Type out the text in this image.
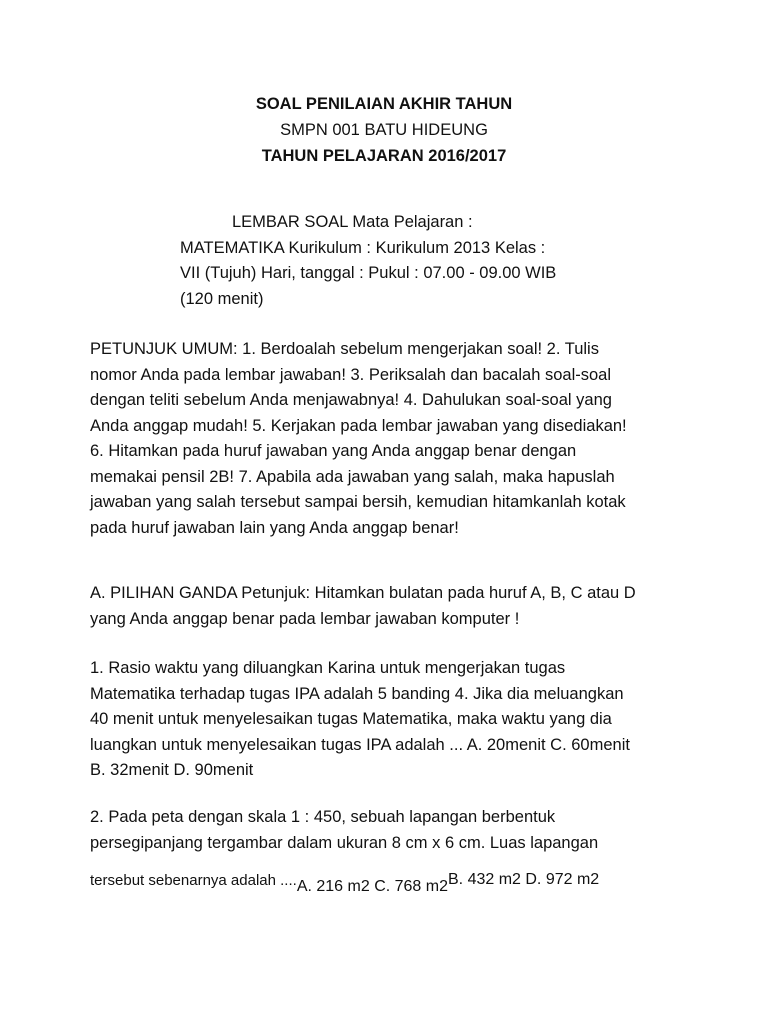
SOAL PENILAIAN AKHIR TAHUN

SMPN 001 BATU HIDEUNG

TAHUN PELAJARAN 2016/2017

LEMBAR SOAL Mata Pelajaran :
MATEMATIKA Kurikulum : Kurikulum 2013 Kelas :
VII (Tujuh) Hari, tanggal : Pukul : 07.00 - 09.00 WIB
(120 menit)
PETUNJUK UMUM: 1. Berdoalah sebelum mengerjakan soal! 2. Tulis
nomor Anda pada lembar jawaban! 3. Periksalah dan bacalah soal-soal
dengan teliti sebelum Anda menjawabnya! 4. Dahulukan soal-soal yang
Anda anggap mudah! 5. Kerjakan pada lembar jawaban yang disediakan!
6. Hitamkan pada huruf jawaban yang Anda anggap benar dengan
memakai pensil 2B! 7. Apabila ada jawaban yang salah, maka hapuslah
jawaban yang salah tersebut sampai bersih, kemudian hitamkanlah kotak
pada huruf jawaban lain yang Anda anggap benar!
A. PILIHAN GANDA Petunjuk: Hitamkan bulatan pada huruf A, B, C atau D
yang Anda anggap benar pada lembar jawaban komputer !
1. Rasio waktu yang diluangkan Karina untuk mengerjakan tugas
Matematika terhadap tugas IPA adalah 5 banding 4. Jika dia meluangkan
40 menit untuk menyelesaikan tugas Matematika, maka waktu yang dia
luangkan untuk menyelesaikan tugas IPA adalah ... A. 20menit C. 60menit
B. 32menit D. 90menit
2. Pada peta dengan skala 1 : 450, sebuah lapangan berbentuk
persegipanjang tergambar dalam ukuran 8 cm x 6 cm. Luas lapangan
tersebut sebenarnya adalah ....A. 216 m2 C. 768 m2B. 432 m2 D. 972 m2
